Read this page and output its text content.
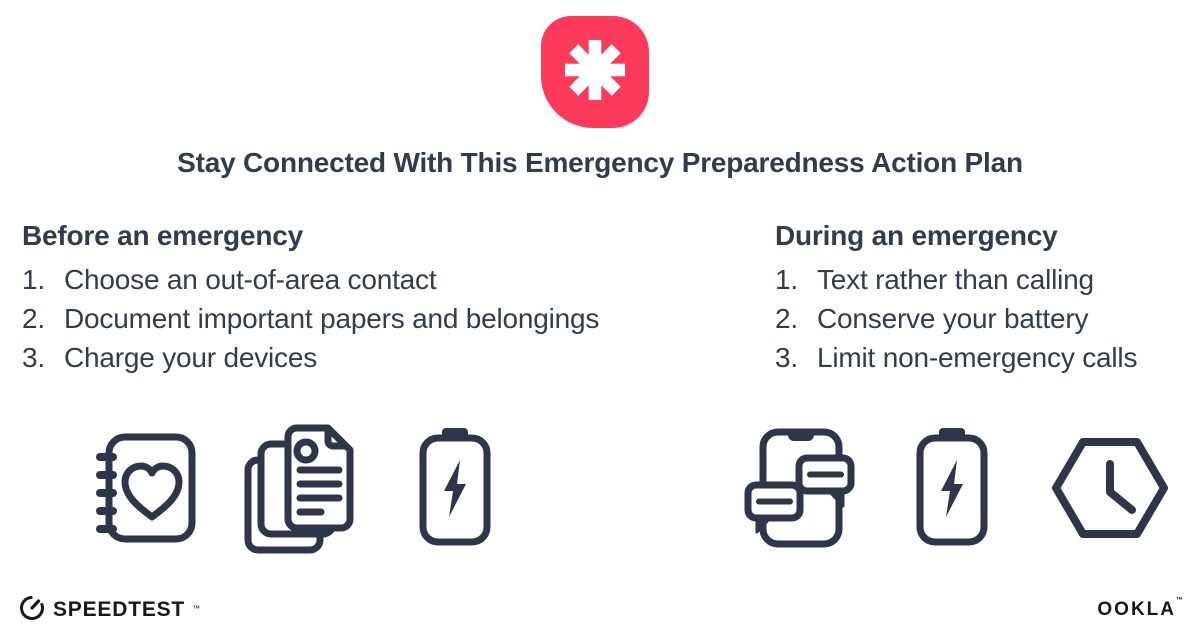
Stay Connected With This Emergency Preparedness Action Plan
Before an emergency
1. Choose an out-of-area contact
2. Document important papers and belongings
3. Charge your devices
During an emergency
1. Text rather than calling
2. Conserve your battery
3. Limit non-emergency calls
SPEEDTEST ™	OOKLA™
